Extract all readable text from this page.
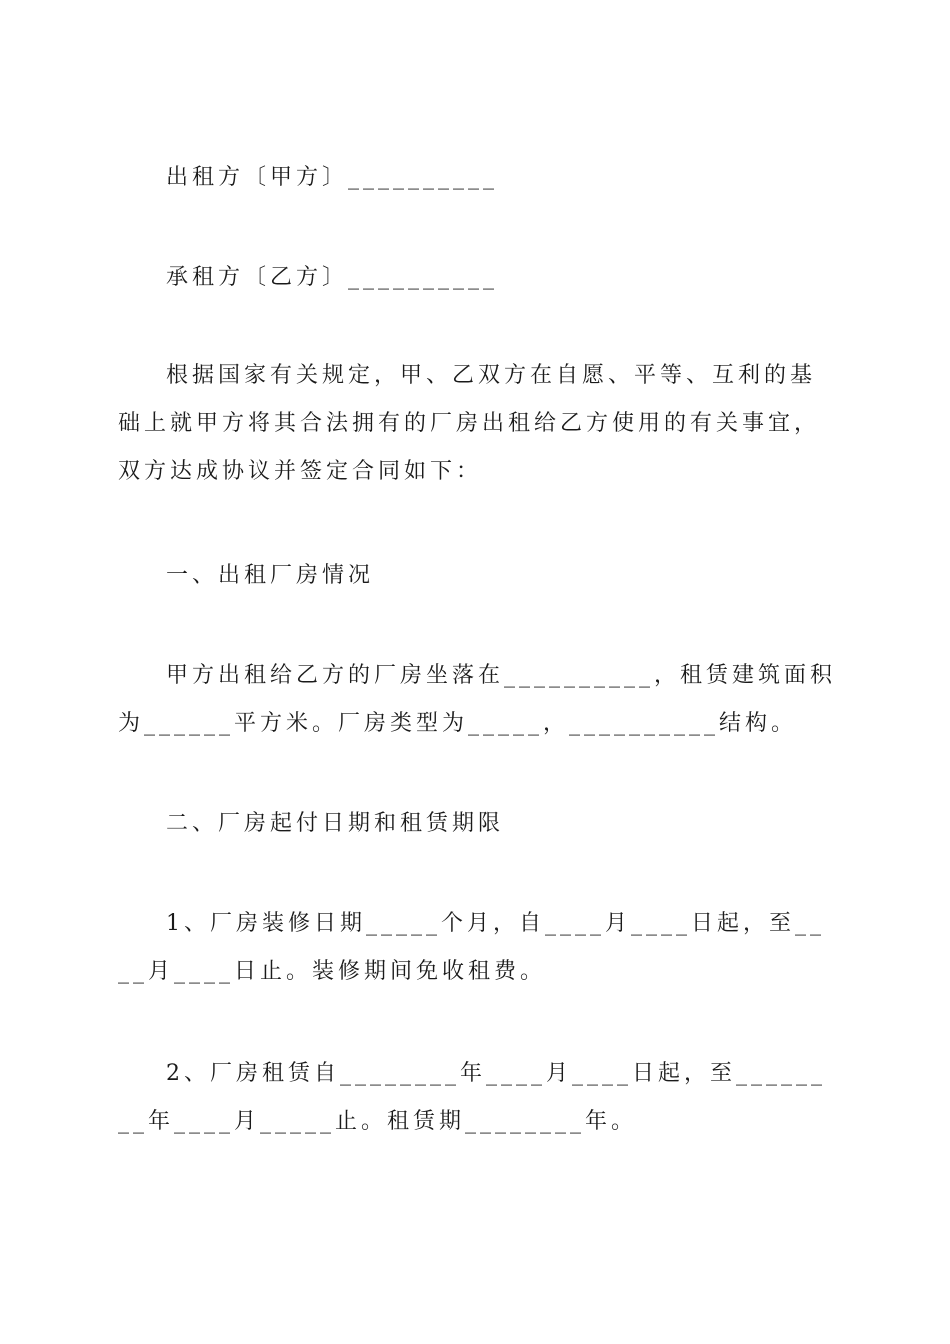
出租方〔甲方〕__________

承租方〔乙方〕__________

根据国家有关规定，甲、乙双方在自愿、平等、互利的基础上就甲方将其合法拥有的厂房出租给乙方使用的有关事宜，双方达成协议并签定合同如下：

一、出租厂房情况

甲方出租给乙方的厂房坐落在__________，租赁建筑面积为______平方米。厂房类型为_____，__________结构。

二、厂房起付日期和租赁期限

1、厂房装修日期_____个月，自____月____日起，至____月____日止。装修期间免收租费。

2、厂房租赁自________年____月____日起，至________年____月_____止。租赁期________年。
